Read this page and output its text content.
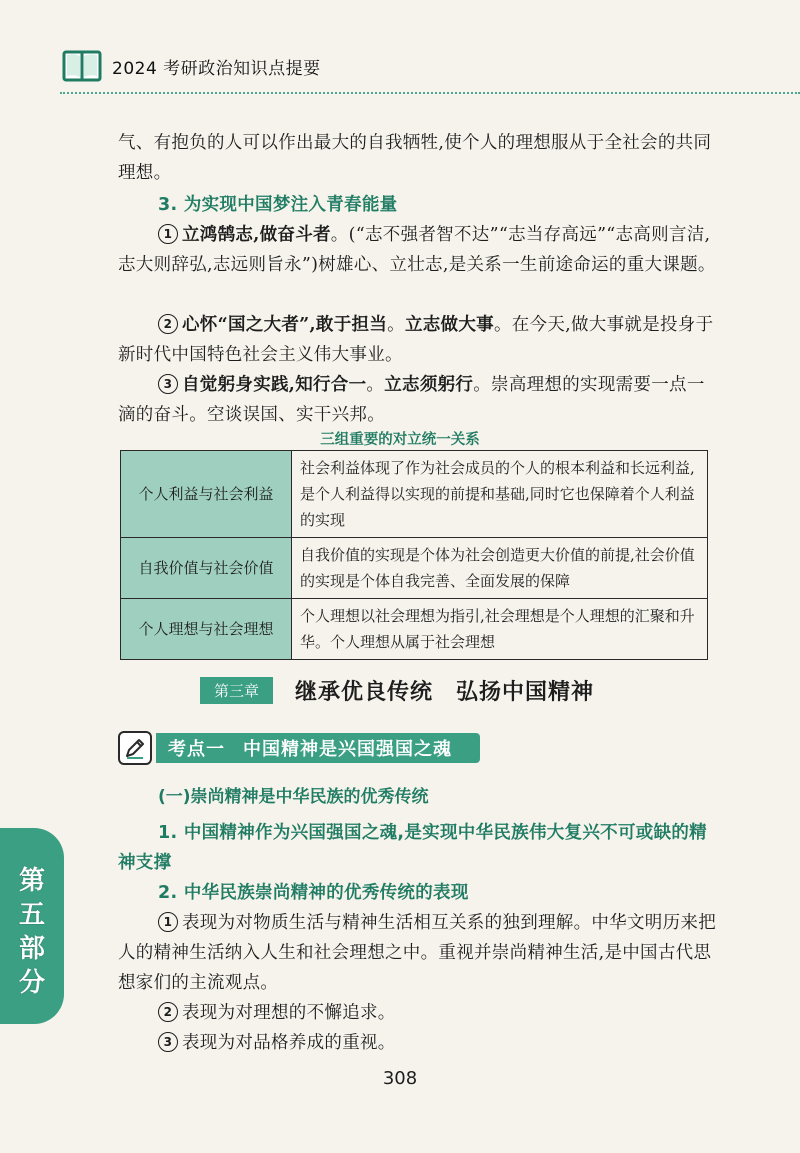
2024 考研政治知识点提要

气、有抱负的人可以作出最大的自我牺牲,使个人的理想服从于全社会的共同理想。

3. 为实现中国梦注入青春能量

1 立鸿鹄志,做奋斗者。(“志不强者智不达”“志当存高远”“志高则言洁,志大则辞弘,志远则旨永”)树雄心、立壮志,是关系一生前途命运的重大课题。

2 心怀“国之大者”,敢于担当。立志做大事。在今天,做大事就是投身于新时代中国特色社会主义伟大事业。

3 自觉躬身实践,知行合一。立志须躬行。崇高理想的实现需要一点一滴的奋斗。空谈误国、实干兴邦。

三组重要的对立统一关系
个人利益与社会利益	社会利益体现了作为社会成员的个人的根本利益和长远利益,是个人利益得以实现的前提和基础,同时它也保障着个人利益的实现
自我价值与社会价值	自我价值的实现是个体为社会创造更大价值的前提,社会价值的实现是个体自我完善、全面发展的保障
个人理想与社会理想	个人理想以社会理想为指引,社会理想是个人理想的汇聚和升华。个人理想从属于社会理想
第三章	继承优良传统　弘扬中国精神
考点一 中国精神是兴国强国之魂
(一)崇尚精神是中华民族的优秀传统

1. 中国精神作为兴国强国之魂,是实现中华民族伟大复兴不可或缺的精神支撑

2. 中华民族崇尚精神的优秀传统的表现

1 表现为对物质生活与精神生活相互关系的独到理解。中华文明历来把人的精神生活纳入人生和社会理想之中。重视并崇尚精神生活,是中国古代思想家们的主流观点。

2 表现为对理想的不懈追求。

3 表现为对品格养成的重视。

第
五
部
分
308
